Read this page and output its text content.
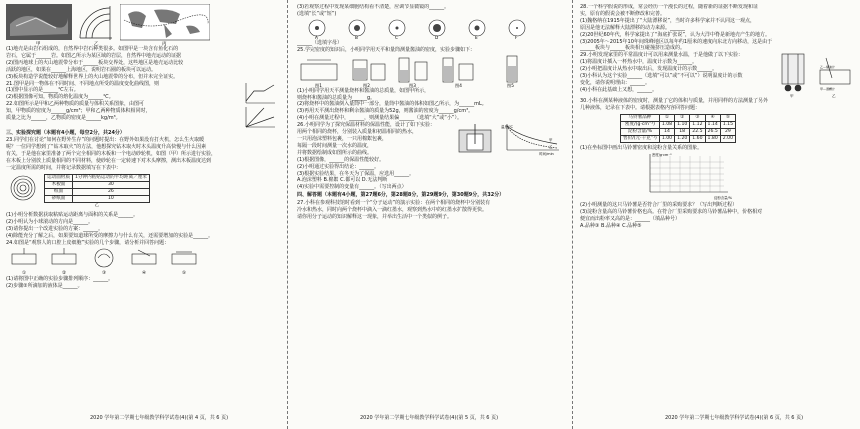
甲	乙	丙

(1)地壳是由岩石组成的，自然界中岩石种类很多。如图甲是一块含有鱼化石的

岩石，它属于______岩。如图乙所示为某区域的岩层，自然界中地壳运动的证据

(2)图丙地球上的火山地震带分布于______板块交界处，这些地区是地壳运动比较

活跃的地区，如果在______上海地区，说明岩石圈的板块可以运动。

(3)板块构造学说能较好地解释世界上的火山地震带的分布，但并未完全证实。

21.图甲是同一物体在不同时间、不同地点所受的温度变化曲线图，则

(1)图中显示的是______℃左右。

(2)根据图像可知，物质的熔化温度为______℃。

22.如图所示是甲和乙两种物质的质量与体积关系图象，由图可

知，甲物质的密度为______g/cm³；甲和乙两种物质体积相同时，

质量之比为______，乙物质的密度是______kg/m³。

三、实验探究题（本题有4小题，每空2分，共24分）

23.同学们在讨论“如何在野外生存”的问题时提出：在野外如果没有打火机，怎么生火取暖

呢？一位同学想到了“钻木取火”的方法，他想探究钻木取火时木头温度升高快慢与什么因素

有关，于是他在家里准备了两个完全相同的木板和一个电动砂轮机，如图（甲）所示进行实验，

在木板上分别放上质量相同的不同材料，使砂轮在一定转速下对木头摩擦，测出木板温度达到

一定温度所需的时间，并将记录数据填写在下表中：

运动面材质	1分钟内粘贴运动的平均距离／厘米
木板面	30
纸面	26
砂纸面	10
乙

(1)小明分析数据获取粘贴运动距离与面积的关系是______。

(2)小明认为小球滚动的方向是______。

(3)请你提出一个改进实验的方案：______。

(4)除能充分了解之后，如果要知道球所受的摩擦力与什么有关，还需要增加的实验是______。

24.如图是“观察人的口腔上皮细胞”实验的几个步骤，请分析并回答问题：

①	②	③	④	⑤

(1)请将图中正确的实验步骤排列顺序：______。

(2)步骤②所滴加的液体是______。

2020 学年第二学期七年级教学科学试卷(4)(第 4 页，共 6 页)

(3)若观察过程中发现某细胞结构看不清楚，应调节显微镜的______。

(选填“长”或“短”)

A	B	C	D	E	F

______（选填字母）

25.学完密度的知识后，小明同学用天平和量筒测量酱油的密度，实验步骤如下：

图1	图2	图3	图4	图5

(1)小明同学用天平测量烧杯和酱油的总质量，如图甲所示，

则烧杯和酱油的总质量为______g。

(2)将烧杯中的酱油倒入量筒中一部分，量筒中酱油的体积如图乙所示，为______mL。

(3)再用天平测出烧杯和剩余酱油的质量为52g，则酱油的密度为______g/cm³。

(4)小明在测量过程中，______，则测量结果偏______（选填“大”或“小”）。

26.小明同学为了探究保温材料的保温性能，设计了如下实验：

用两个相同的烧杯，分别装入质量和初温相同的热水，

一只用泡沫塑料包裹，一只用棉絮包裹，

每隔一段时间测量一次水的温度，

并将数据绘制成如图所示的曲线。

温度/℃
时间/min
甲
乙

(1)根据图像，______的保温性能较好。

(2)小明通过实验得出结论：______。

(3)根据实验结果，在冬天为了保温，应选用______。

A.泡沫塑料 B.棉絮 C.都可以 D.无法判断

(4)实验中需要控制的变量有______。（写出两点）

四、解答题（本题有4小题，第27题6分，第28题8分，第29题9分，第30题9分，共32分）

27.小科在参观科技馆时看到一个“分子运动”的演示实验：在两个相同的烧杯中分别装有

冷水和热水，同时向两个烧杯中滴入一滴红墨水，观察到热水中的红墨水扩散得更快。

请你用分子运动的知识解释这一现象，并举出生活中一个类似的例子。

2020 学年第二学期七年级教学科学试卷(4)(第 5 页，共 6 页)

28.一个科学假说的形成，常会经历一个漫长的过程，随着新的证据不断发现和证

实，原有的假说会被不断修改和完善。

(1)魏格纳在1915年提出了“大陆漂移说”，当时许多科学家并不认同这一观点，

原因是他无法解释大陆漂移的动力来源。______

(2)20世纪60年代，科学家提出了“海底扩张说”，认为大洋中脊是新地壳产生的地方。

(3)2005年～2015年10年间珠峰地区以每年约1厘米的速度向东北方向移动，这是由于

______板块与______板块相互碰撞挤压造成的。

29.小明发现家里的平常温度计可以用来测量水温，于是他做了以下实验：

(1)将温度计插入一杯热水中，温度计示数为______。

(2)小明把温度计从热水中取出后，发现温度计的示数______。

(3)小科认为这个实验______（选填“可以”或“不可以”）说明温度计的示数

变化，请你说明理由：______。

(4)小科在此基础上又想，______。

甲	乙
乙—煤油计
甲—酒精计

30.小科在测某种液体的密度时，测量了它的体积与质量，并用同样的方法测量了另外

几种液体，记录在下表中。请根据表格内容回答问题：

马铃薯品种	①	②	③	④	⑤
密度/(g·cm⁻³)	1.08	1.10	1.12	1.14	1.15
淀粉含量/%	14	18	22.5	26.5	29
售价/(元·千克⁻¹)	1.00	1.20	1.60	1.80	2.00

(1)在坐标图中画出马铃薯密度和淀粉含量关系的图象。

密度/g·cm⁻³
淀粉含量/%

(2)小明测量的这只马铃薯是否符合厂里的采购要求？（写出判断过程）

(3)淀粉含量高的马铃薯价格也高。在符合厂里采购要求的马铃薯品种中，价格相对

便宜而出粉率又高的是：______（填品种号）

A.品种③ B.品种④ C.品种⑤

2020 学年第二学期七年级教学科学试卷(4)(第 6 页，共 6 页)
